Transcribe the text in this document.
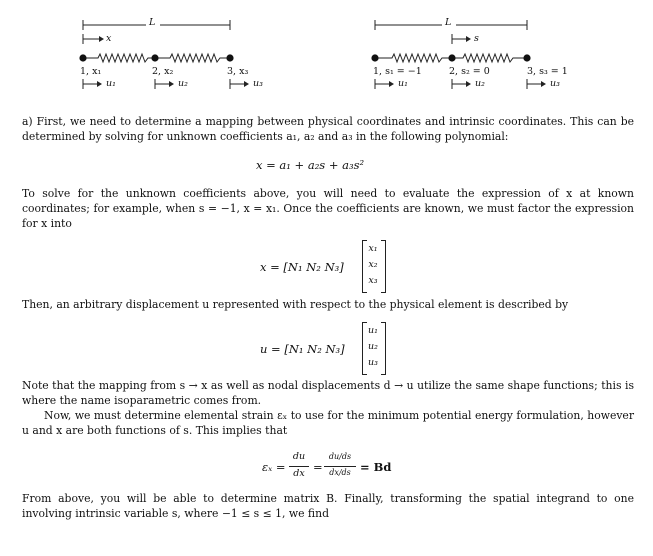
L
x
1, x₁	2, x₂	3, x₃
u₁	u₂	u₃
L
s
1, s₁ = −1	2, s₂ = 0	3, s₃ = 1
u₁	u₂	u₃
a) First, we need to determine a mapping between physical coordinates and intrinsic coordinates. This can be determined by solving for unknown coefficients a₁, a₂ and a₃ in the following polynomial:
x = a₁ + a₂s + a₃s²
To solve for the unknown coefficients above, you will need to evaluate the expression of x at known coordinates; for example, when s = −1, x = x₁. Once the coefficients are known, we must factor the expression for x into
x = [N₁ N₂ N₃]
x₁
x₂
x₃
Then, an arbitrary displacement u represented with respect to the physical element is described by
u = [N₁ N₂ N₃]
u₁
u₂
u₃
Note that the mapping from s → x as well as nodal displacements d → u utilize the same shape functions; this is where the name isoparametric comes from.
Now, we must determine elemental strain εₓ to use for the minimum potential energy formulation, however u and x are both functions of s. This implies that
εₓ =
du
dx =
du/ds
dx/ds = Bd
From above, you will be able to determine matrix B. Finally, transforming the spatial integrand to one involving intrinsic variable s, where −1 ≤ s ≤ 1, we find
